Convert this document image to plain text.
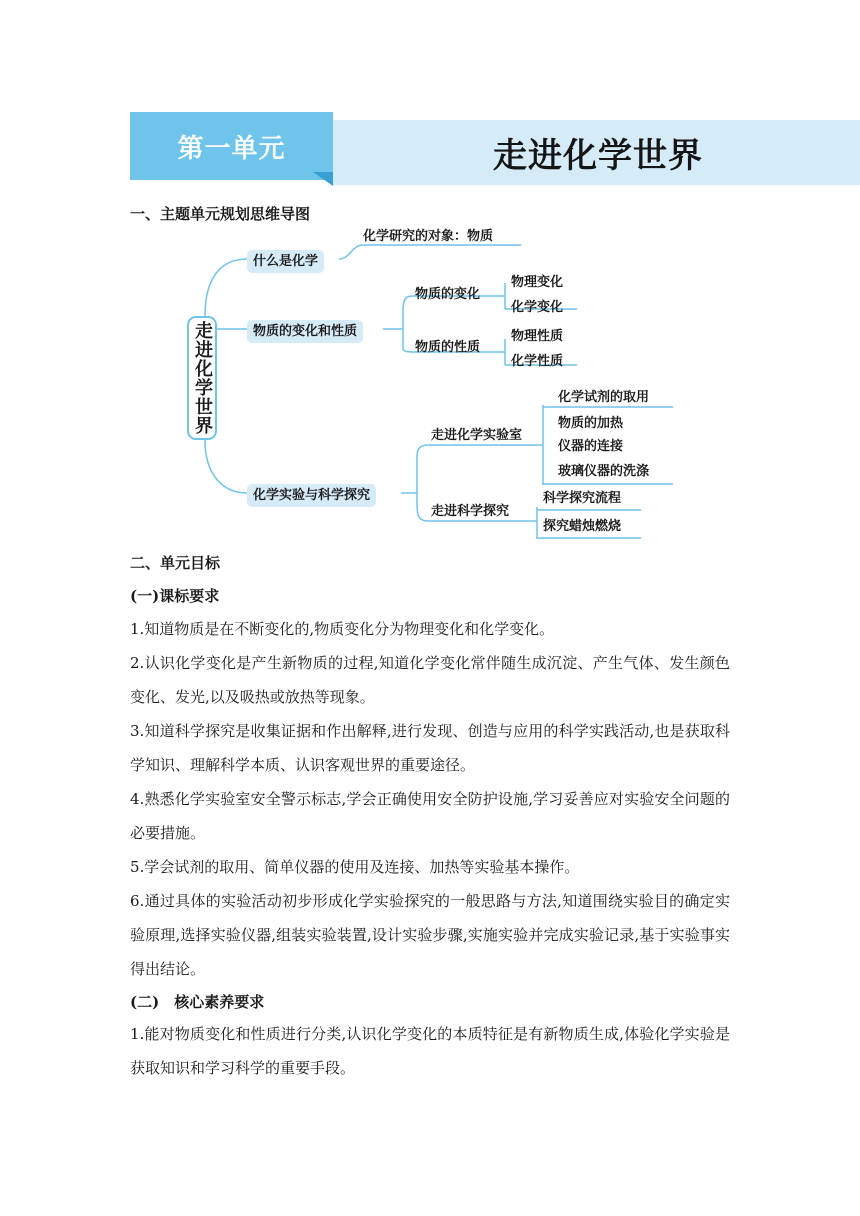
第一单元	走进化学世界
一、主题单元规划思维导图
走进化学世界
什么是化学
化学研究的对象：物质
物质的变化和性质
物质的变化
物理变化
化学变化
物质的性质
物理性质
化学性质
化学实验与科学探究
走进化学实验室
化学试剂的取用
物质的加热
仪器的连接
玻璃仪器的洗涤
走进科学探究
科学探究流程
探究蜡烛燃烧
二、单元目标
(一)课标要求
1.知道物质是在不断变化的,物质变化分为物理变化和化学变化。
2.认识化学变化是产生新物质的过程,知道化学变化常伴随生成沉淀、产生气体、发生颜色变化、发光,以及吸热或放热等现象。
3.知道科学探究是收集证据和作出解释,进行发现、创造与应用的科学实践活动,也是获取科学知识、理解科学本质、认识客观世界的重要途径。
4.熟悉化学实验室安全警示标志,学会正确使用安全防护设施,学习妥善应对实验安全问题的必要措施。
5.学会试剂的取用、简单仪器的使用及连接、加热等实验基本操作。
6.通过具体的实验活动初步形成化学实验探究的一般思路与方法,知道围绕实验目的确定实验原理,选择实验仪器,组装实验装置,设计实验步骤,实施实验并完成实验记录,基于实验事实得出结论。
(二)　核心素养要求
1.能对物质变化和性质进行分类,认识化学变化的本质特征是有新物质生成,体验化学实验是获取知识和学习科学的重要手段。
